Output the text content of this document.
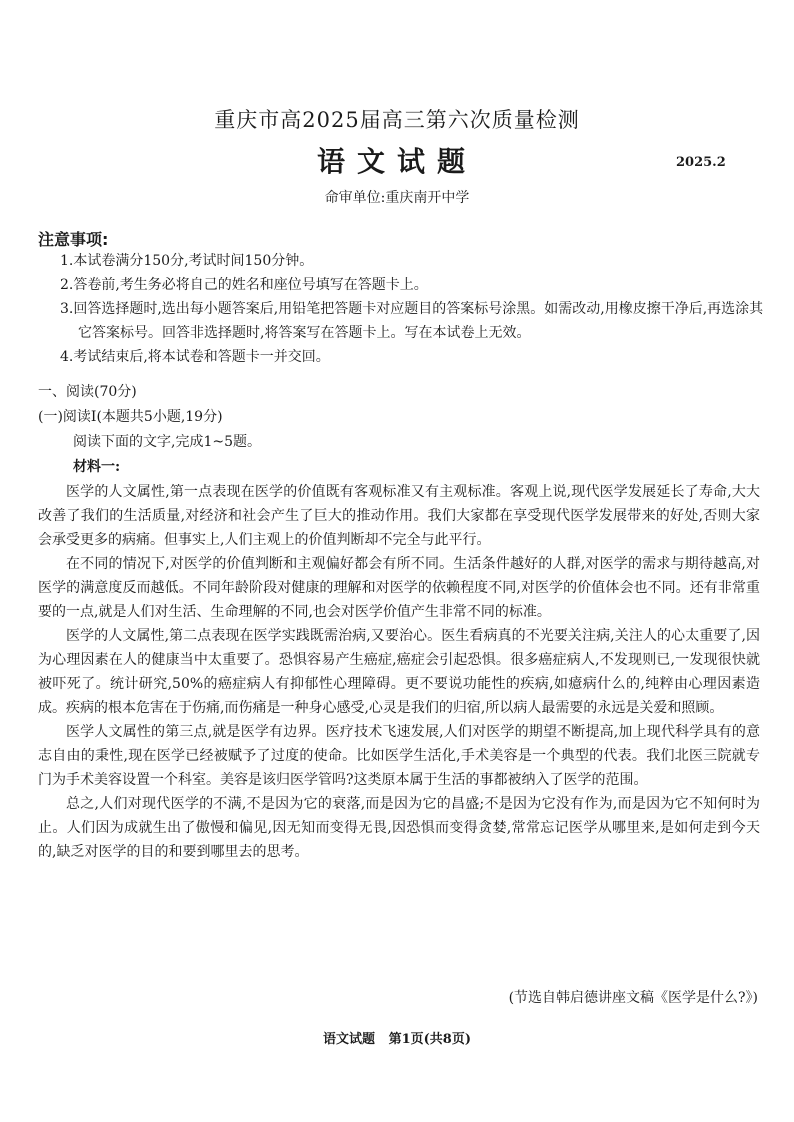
重庆市高2025届高三第六次质量检测
语文试题	2025.2
命审单位:重庆南开中学
注意事项:

1.本试卷满分150分,考试时间150分钟。

2.答卷前,考生务必将自己的姓名和座位号填写在答题卡上。

3.回答选择题时,选出每小题答案后,用铅笔把答题卡对应题目的答案标号涂黑。如需改动,用橡皮擦干净后,再选涂其它答案标号。回答非选择题时,将答案写在答题卡上。写在本试卷上无效。

4.考试结束后,将本试卷和答题卡一并交回。

一、阅读(70分)
(一)阅读Ⅰ(本题共5小题,19分)
阅读下面的文字,完成1~5题。
材料一:

医学的人文属性,第一点表现在医学的价值既有客观标准又有主观标准。客观上说,现代医学发展延长了寿命,大大改善了我们的生活质量,对经济和社会产生了巨大的推动作用。我们大家都在享受现代医学发展带来的好处,否则大家会承受更多的病痛。但事实上,人们主观上的价值判断却不完全与此平行。

在不同的情况下,对医学的价值判断和主观偏好都会有所不同。生活条件越好的人群,对医学的需求与期待越高,对医学的满意度反而越低。不同年龄阶段对健康的理解和对医学的依赖程度不同,对医学的价值体会也不同。还有非常重要的一点,就是人们对生活、生命理解的不同,也会对医学价值产生非常不同的标准。

医学的人文属性,第二点表现在医学实践既需治病,又要治心。医生看病真的不光要关注病,关注人的心太重要了,因为心理因素在人的健康当中太重要了。恐惧容易产生癌症,癌症会引起恐惧。很多癌症病人,不发现则已,一发现很快就被吓死了。统计研究,50%的癌症病人有抑郁性心理障碍。更不要说功能性的疾病,如癔病什么的,纯粹由心理因素造成。疾病的根本危害在于伤痛,而伤痛是一种身心感受,心灵是我们的归宿,所以病人最需要的永远是关爱和照顾。

医学人文属性的第三点,就是医学有边界。医疗技术飞速发展,人们对医学的期望不断提高,加上现代科学具有的意志自由的秉性,现在医学已经被赋予了过度的使命。比如医学生活化,手术美容是一个典型的代表。我们北医三院就专门为手术美容设置一个科室。美容是该归医学管吗?这类原本属于生活的事都被纳入了医学的范围。

总之,人们对现代医学的不满,不是因为它的衰落,而是因为它的昌盛;不是因为它没有作为,而是因为它不知何时为止。人们因为成就生出了傲慢和偏见,因无知而变得无畏,因恐惧而变得贪婪,常常忘记医学从哪里来,是如何走到今天的,缺乏对医学的目的和要到哪里去的思考。

(节选自韩启德讲座文稿《医学是什么?》)
语文试题   第1页(共8页)
